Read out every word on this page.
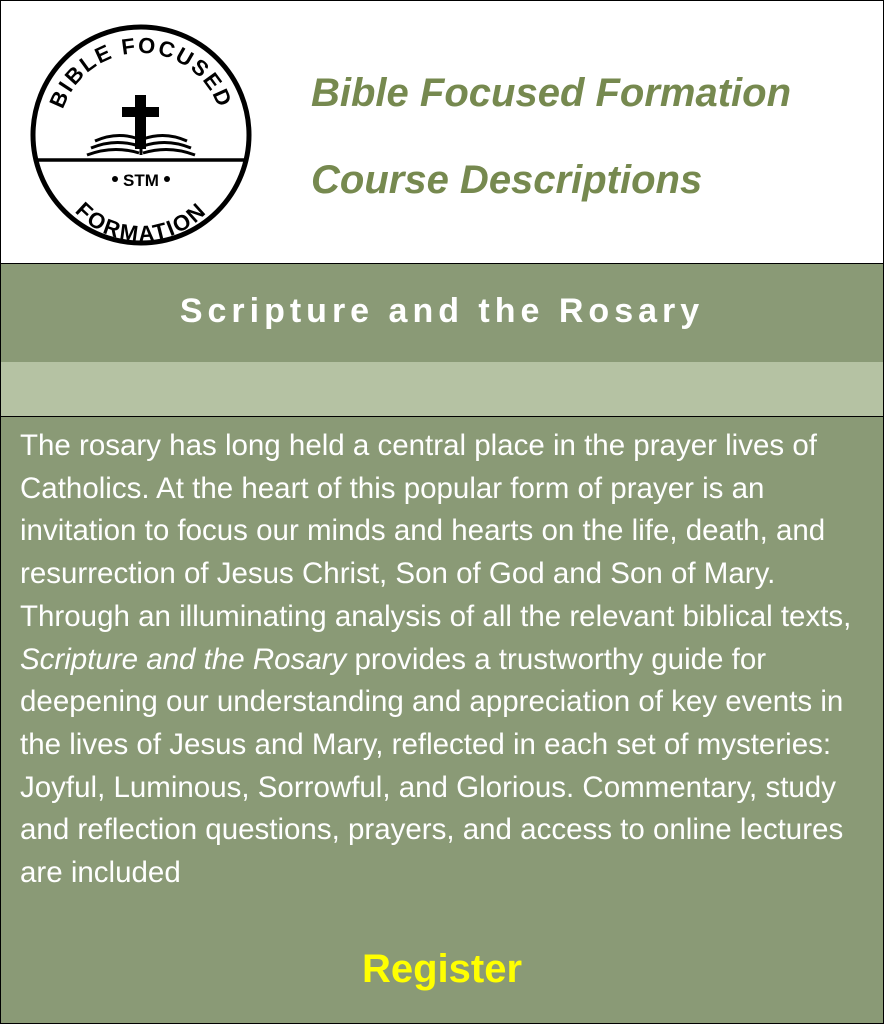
BIBLE FOCUSED
FORMATION
STM
Bible Focused Formation
Course Descriptions
Scripture and the Rosary
The rosary has long held a central place in the prayer lives of Catholics. At the heart of this popular form of prayer is an invitation to focus our minds and hearts on the life, death, and resurrection of Jesus Christ, Son of God and Son of Mary. Through an illuminating analysis of all the relevant biblical texts, Scripture and the Rosary provides a trustworthy guide for deepening our understanding and appreciation of key events in the lives of Jesus and Mary, reflected in each set of mysteries: Joyful, Luminous, Sorrowful, and Glorious. Commentary, study and reflection questions, prayers, and access to online lectures are included
Register
